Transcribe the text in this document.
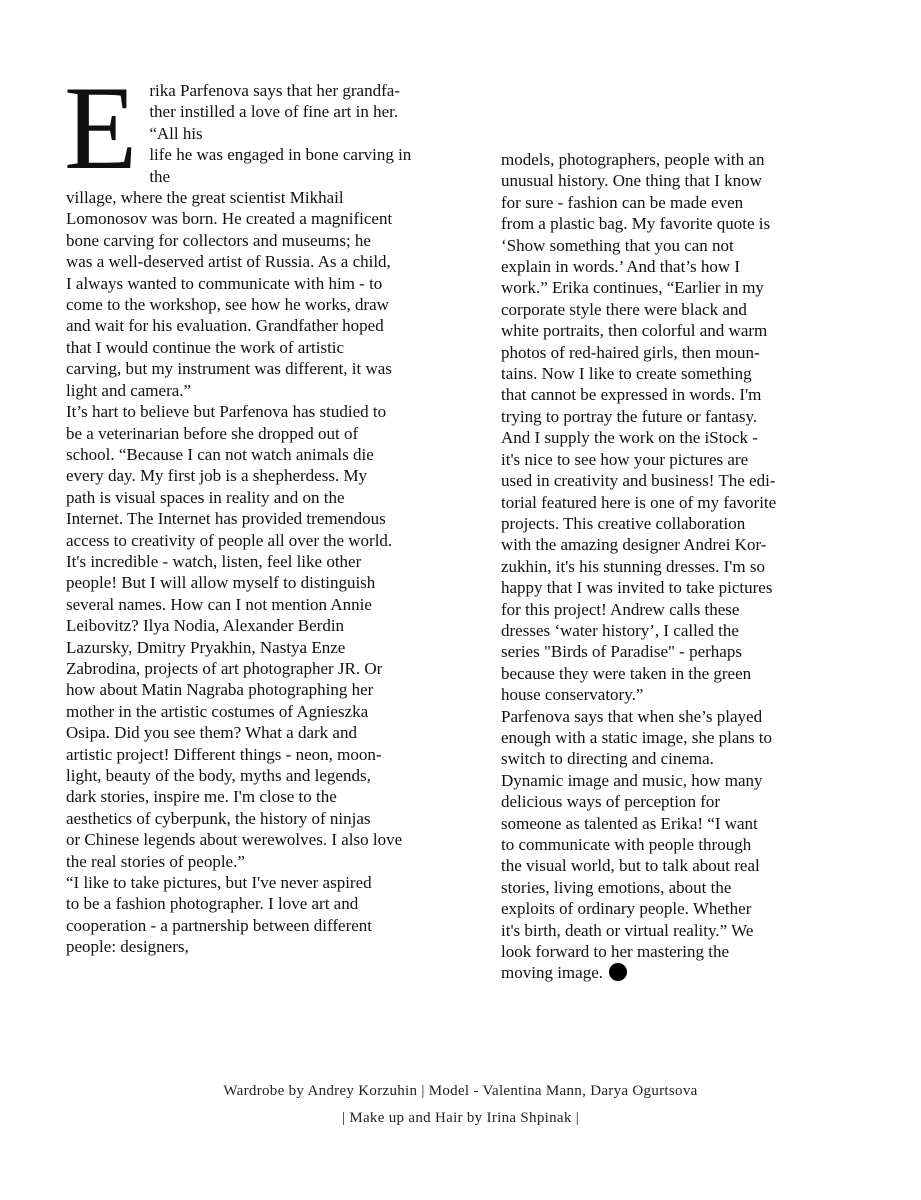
E rika Parfenova says that her grandfa-
ther instilled a love of fine art in her. “All his
life he was engaged in bone carving in the
village, where the great scientist Mikhail
Lomonosov was born. He created a magnificent
bone carving for collectors and museums; he
was a well-deserved artist of Russia. As a child,
I always wanted to communicate with him - to
come to the workshop, see how he works, draw
and wait for his evaluation. Grandfather hoped
that I would continue the work of artistic
carving, but my instrument was different, it was
light and camera.”

It’s hart to believe but Parfenova has studied to
be a veterinarian before she dropped out of
school. “Because I can not watch animals die
every day. My first job is a shepherdess. My
path is visual spaces in reality and on the
Internet. The Internet has provided tremendous
access to creativity of people all over the world.
It's incredible - watch, listen, feel like other
people! But I will allow myself to distinguish
several names. How can I not mention Annie
Leibovitz? Ilya Nodia, Alexander Berdin
Lazursky, Dmitry Pryakhin, Nastya Enze
Zabrodina, projects of art photographer JR. Or
how about Matin Nagraba photographing her
mother in the artistic costumes of Agnieszka
Osipa. Did you see them? What a dark and
artistic project! Different things - neon, moon-
light, beauty of the body, myths and legends,
dark stories, inspire me. I'm close to the
aesthetics of cyberpunk, the history of ninjas
or Chinese legends about werewolves. I also love
the real stories of people.”

“I like to take pictures, but I've never aspired
to be a fashion photographer. I love art and
cooperation - a partnership between different
people: designers,

models, photographers, people with an
unusual history. One thing that I know
for sure - fashion can be made even
from a plastic bag. My favorite quote is
‘Show something that you can not
explain in words.’ And that’s how I
work.” Erika continues, “Earlier in my
corporate style there were black and
white portraits, then colorful and warm
photos of red-haired girls, then moun-
tains. Now I like to create something
that cannot be expressed in words. I'm
trying to portray the future or fantasy.
And I supply the work on the iStock -
it's nice to see how your pictures are
used in creativity and business! The edi-
torial featured here is one of my favorite
projects. This creative collaboration
with the amazing designer Andrei Kor-
zukhin, it's his stunning dresses. I'm so
happy that I was invited to take pictures
for this project! Andrew calls these
dresses ‘water history’, I called the
series "Birds of Paradise" - perhaps
because they were taken in the green
house conservatory.”

Parfenova says that when she’s played
enough with a static image, she plans to
switch to directing and cinema.
Dynamic image and music, how many
delicious ways of perception for
someone as talented as Erika! “I want
to communicate with people through
the visual world, but to talk about real
stories, living emotions, about the
exploits of ordinary people. Whether
it's birth, death or virtual reality.” We
look forward to her mastering the
moving image.

Wardrobe by Andrey Korzuhin | Model - Valentina Mann, Darya Ogurtsova
| Make up and Hair by Irina Shpinak |
